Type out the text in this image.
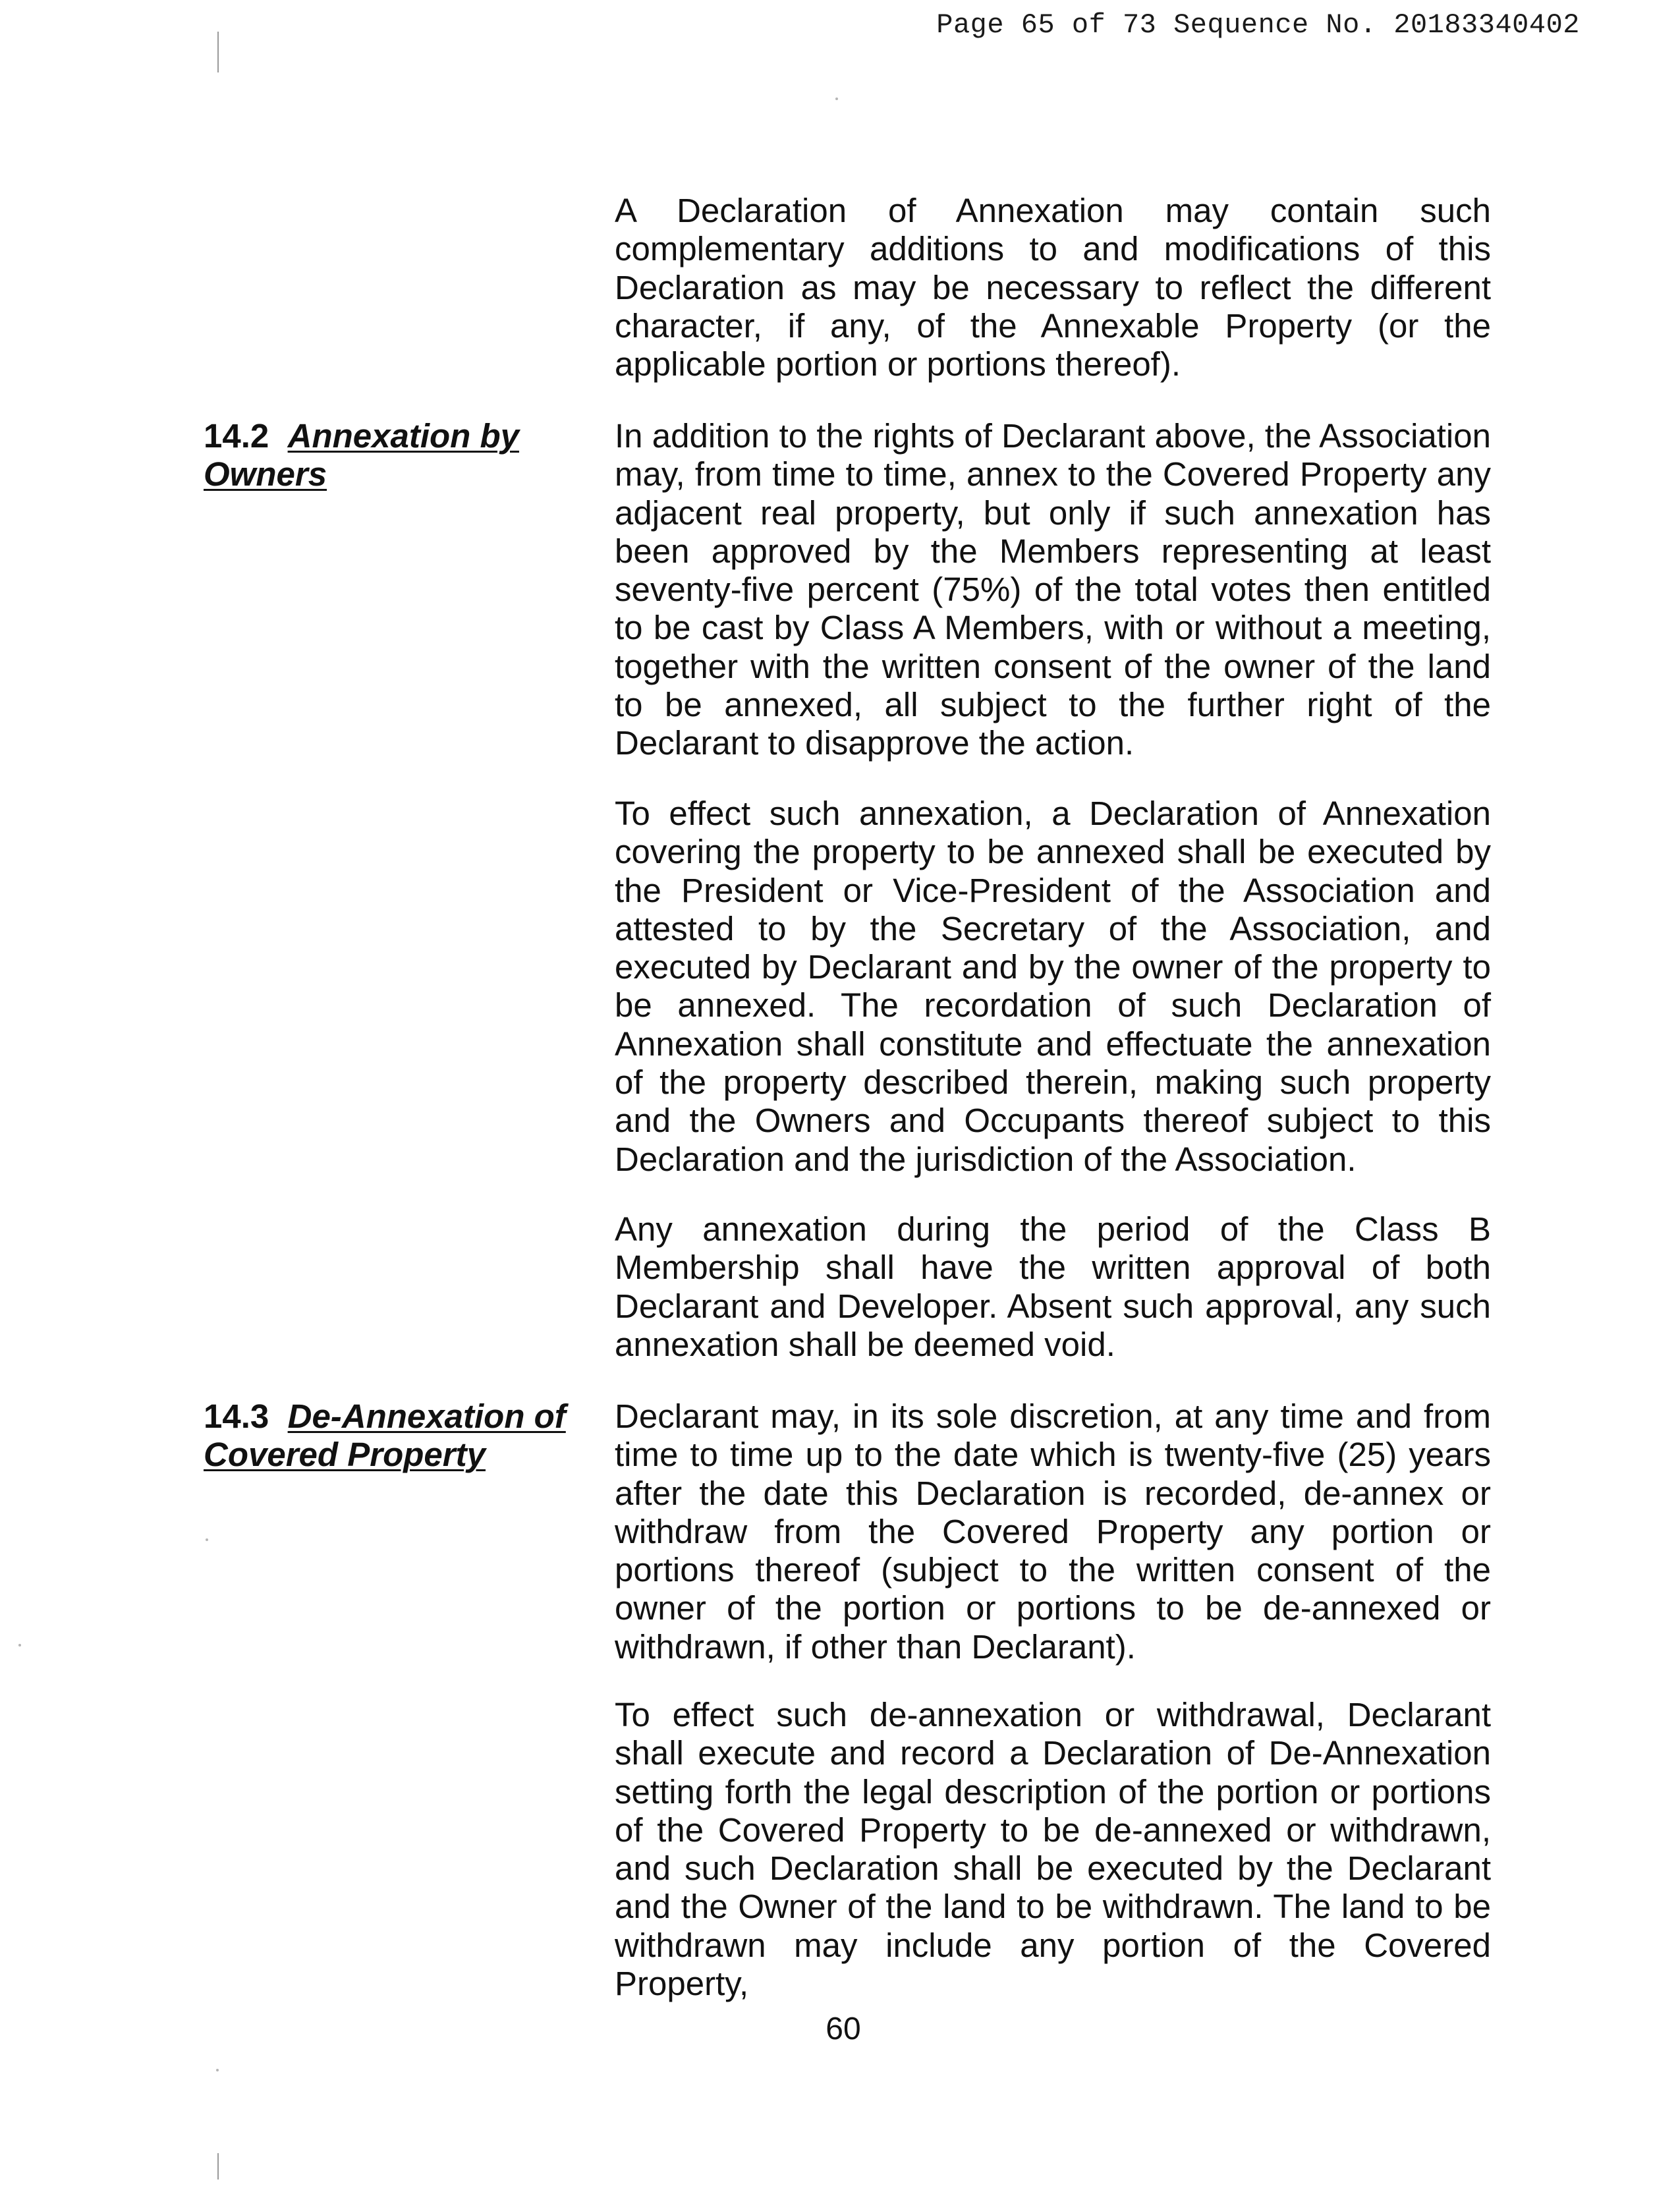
Page 65 of 73 Sequence No. 20183340402

A Declaration of Annexation may contain such complementary additions to and modifications of this Declaration as may be necessary to reflect the different character, if any, of the Annexable Property (or the applicable portion or portions thereof).

14.2 Annexation by Owners

In addition to the rights of Declarant above, the Association may, from time to time, annex to the Covered Property any adjacent real property, but only if such annexation has been approved by the Members representing at least seventy-five percent (75%) of the total votes then entitled to be cast by Class A Members, with or without a meeting, together with the written consent of the owner of the land to be annexed, all subject to the further right of the Declarant to disapprove the action.

To effect such annexation, a Declaration of Annexation covering the property to be annexed shall be executed by the President or Vice-President of the Association and attested to by the Secretary of the Association, and executed by Declarant and by the owner of the property to be annexed. The recordation of such Declaration of Annexation shall constitute and effectuate the annexation of the property described therein, making such property and the Owners and Occupants thereof subject to this Declaration and the jurisdiction of the Association.

Any annexation during the period of the Class B Membership shall have the written approval of both Declarant and Developer. Absent such approval, any such annexation shall be deemed void.

14.3 De-Annexation of Covered Property

Declarant may, in its sole discretion, at any time and from time to time up to the date which is twenty-five (25) years after the date this Declaration is recorded, de-annex or withdraw from the Covered Property any portion or portions thereof (subject to the written consent of the owner of the portion or portions to be de-annexed or withdrawn, if other than Declarant).

To effect such de-annexation or withdrawal, Declarant shall execute and record a Declaration of De-Annexation setting forth the legal description of the portion or portions of the Covered Property to be de-annexed or withdrawn, and such Declaration shall be executed by the Declarant and the Owner of the land to be withdrawn. The land to be withdrawn may include any portion of the Covered Property,

60
